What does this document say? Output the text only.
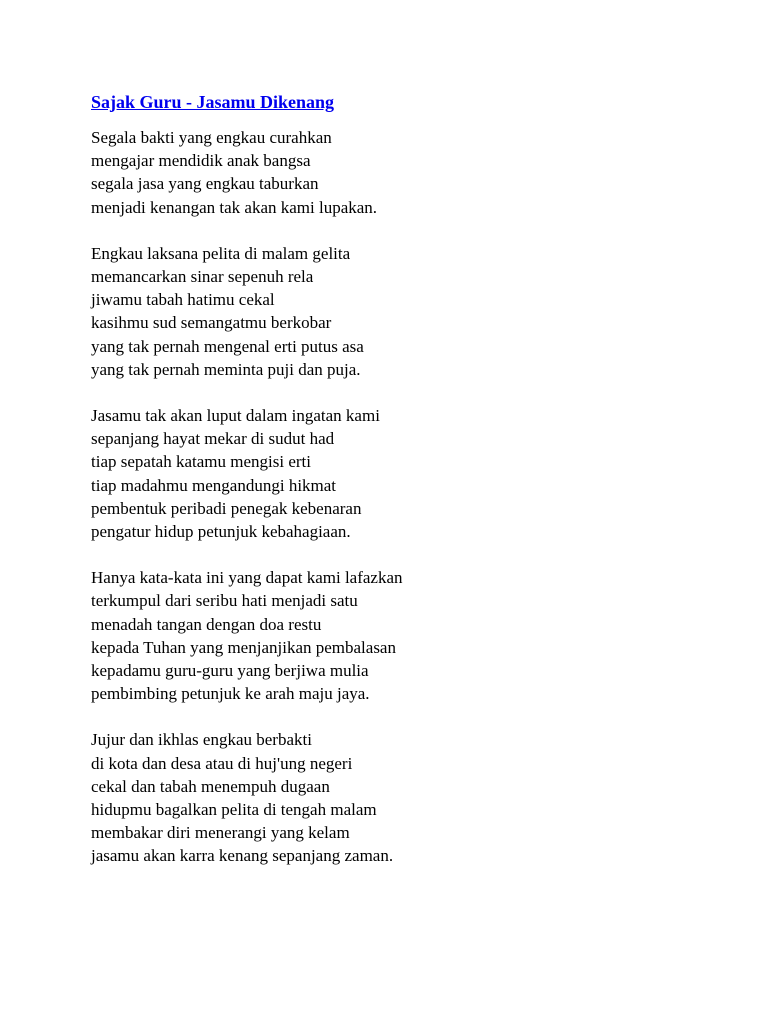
Sajak Guru - Jasamu Dikenang
Segala bakti yang engkau curahkan
mengajar mendidik anak bangsa
segala jasa yang engkau taburkan
menjadi kenangan tak akan kami lupakan.
Engkau laksana pelita di malam gelita
memancarkan sinar sepenuh rela
jiwamu tabah hatimu cekal
kasihmu sud semangatmu berkobar
yang tak pernah mengenal erti putus asa
yang tak pernah meminta puji dan puja.
Jasamu tak akan luput dalam ingatan kami
sepanjang hayat mekar di sudut had
tiap sepatah katamu mengisi erti
tiap madahmu mengandungi hikmat
pembentuk peribadi penegak kebenaran
pengatur hidup petunjuk kebahagiaan.
Hanya kata-kata ini yang dapat kami lafazkan
terkumpul dari seribu hati menjadi satu
menadah tangan dengan doa restu
kepada Tuhan yang menjanjikan pembalasan
kepadamu guru-guru yang berjiwa mulia
pembimbing petunjuk ke arah maju jaya.
Jujur dan ikhlas engkau berbakti
di kota dan desa atau di huj'ung negeri
cekal dan tabah menempuh dugaan
hidupmu bagalkan pelita di tengah malam
membakar diri menerangi yang kelam
jasamu akan karra kenang sepanjang zaman.
